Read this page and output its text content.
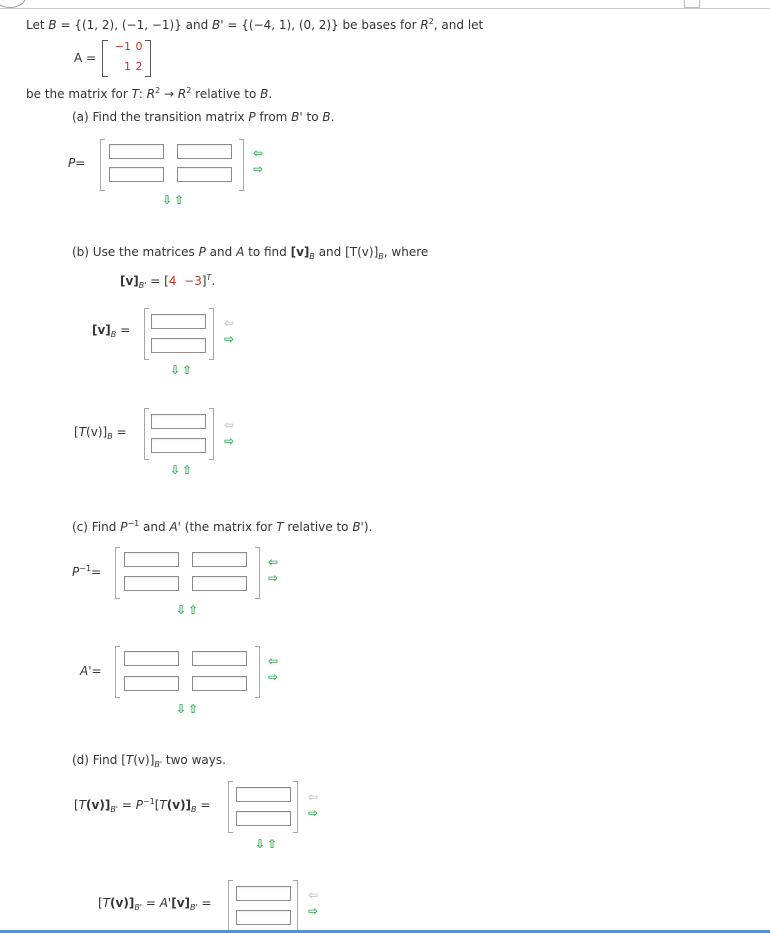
Let B = {(1, 2), (−1, −1)} and B' = {(−4, 1), (0, 2)} be bases for $R^2$, and let
A =
−1 0
1 2
be the matrix for T: $R^2 \to R^2$ relative to B.
(a) Find the transition matrix P from B' to B.
P=
⇦
⇨
⇩ ⇧
(b) Use the matrices P and A to find $[v]_B$ and $[T(v)]_B$, where
$[v]_{B'} = [4 -3]^T$.
$[v]_B$ =	⇦
⇨
⇩ ⇧
$[T(v)]_B$ =	⇦
⇨
⇩ ⇧
(c) Find $P^{-1}$ and A' (the matrix for T relative to B').
$P^{-1}=$
⇦
⇨
⇩ ⇧
A'=
⇦
⇨
⇩ ⇧
(d) Find $[T(v)]_{B'}$ two ways.
$[T(v)]_{B'} = P^{-1}[T(v)]_B$ =
⇦
⇨
⇩ ⇧
$[T(v)]_{B'} = A'[v]_{B'}$ =
⇦
⇨
